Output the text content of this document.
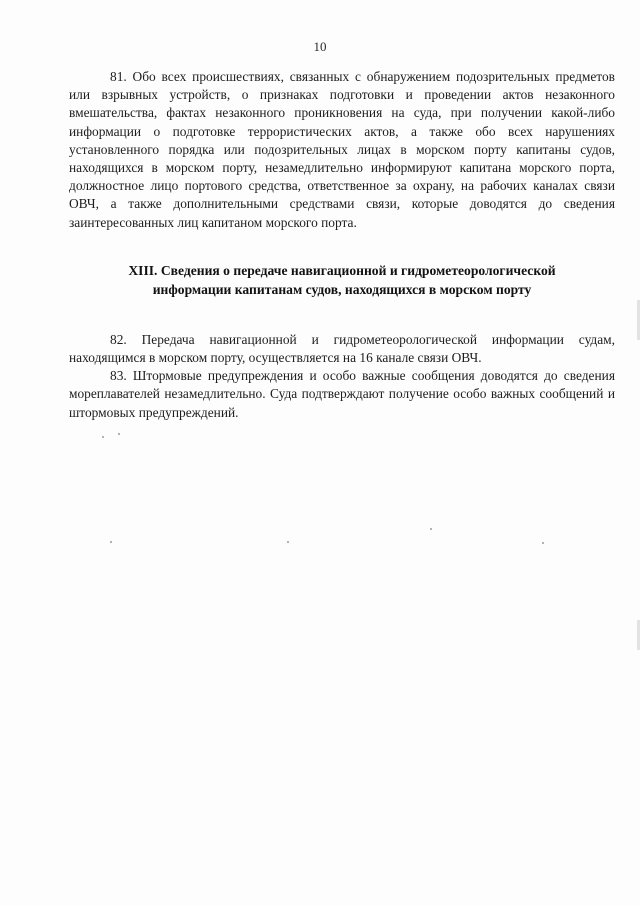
10

81. Обо всех происшествиях, связанных с обнаружением подозрительных предметов или взрывных устройств, о признаках подготовки и проведении актов незаконного вмешательства, фактах незаконного проникновения на суда, при получении какой-либо информации о подготовке террористических актов, а также обо всех нарушениях установленного порядка или подозрительных лицах в морском порту капитаны судов, находящихся в морском порту, незамедлительно информируют капитана морского порта, должностное лицо портового средства, ответственное за охрану, на рабочих каналах связи ОВЧ, а также дополнительными средствами связи, которые доводятся до сведения заинтересованных лиц капитаном морского порта.

XIII. Сведения о передаче навигационной и гидрометеорологической информации капитанам судов, находящихся в морском порту

82. Передача навигационной и гидрометеорологической информации судам, находящимся в морском порту, осуществляется на 16 канале связи ОВЧ.

83. Штормовые предупреждения и особо важные сообщения доводятся до сведения мореплавателей незамедлительно. Суда подтверждают получение особо важных сообщений и штормовых предупреждений.
